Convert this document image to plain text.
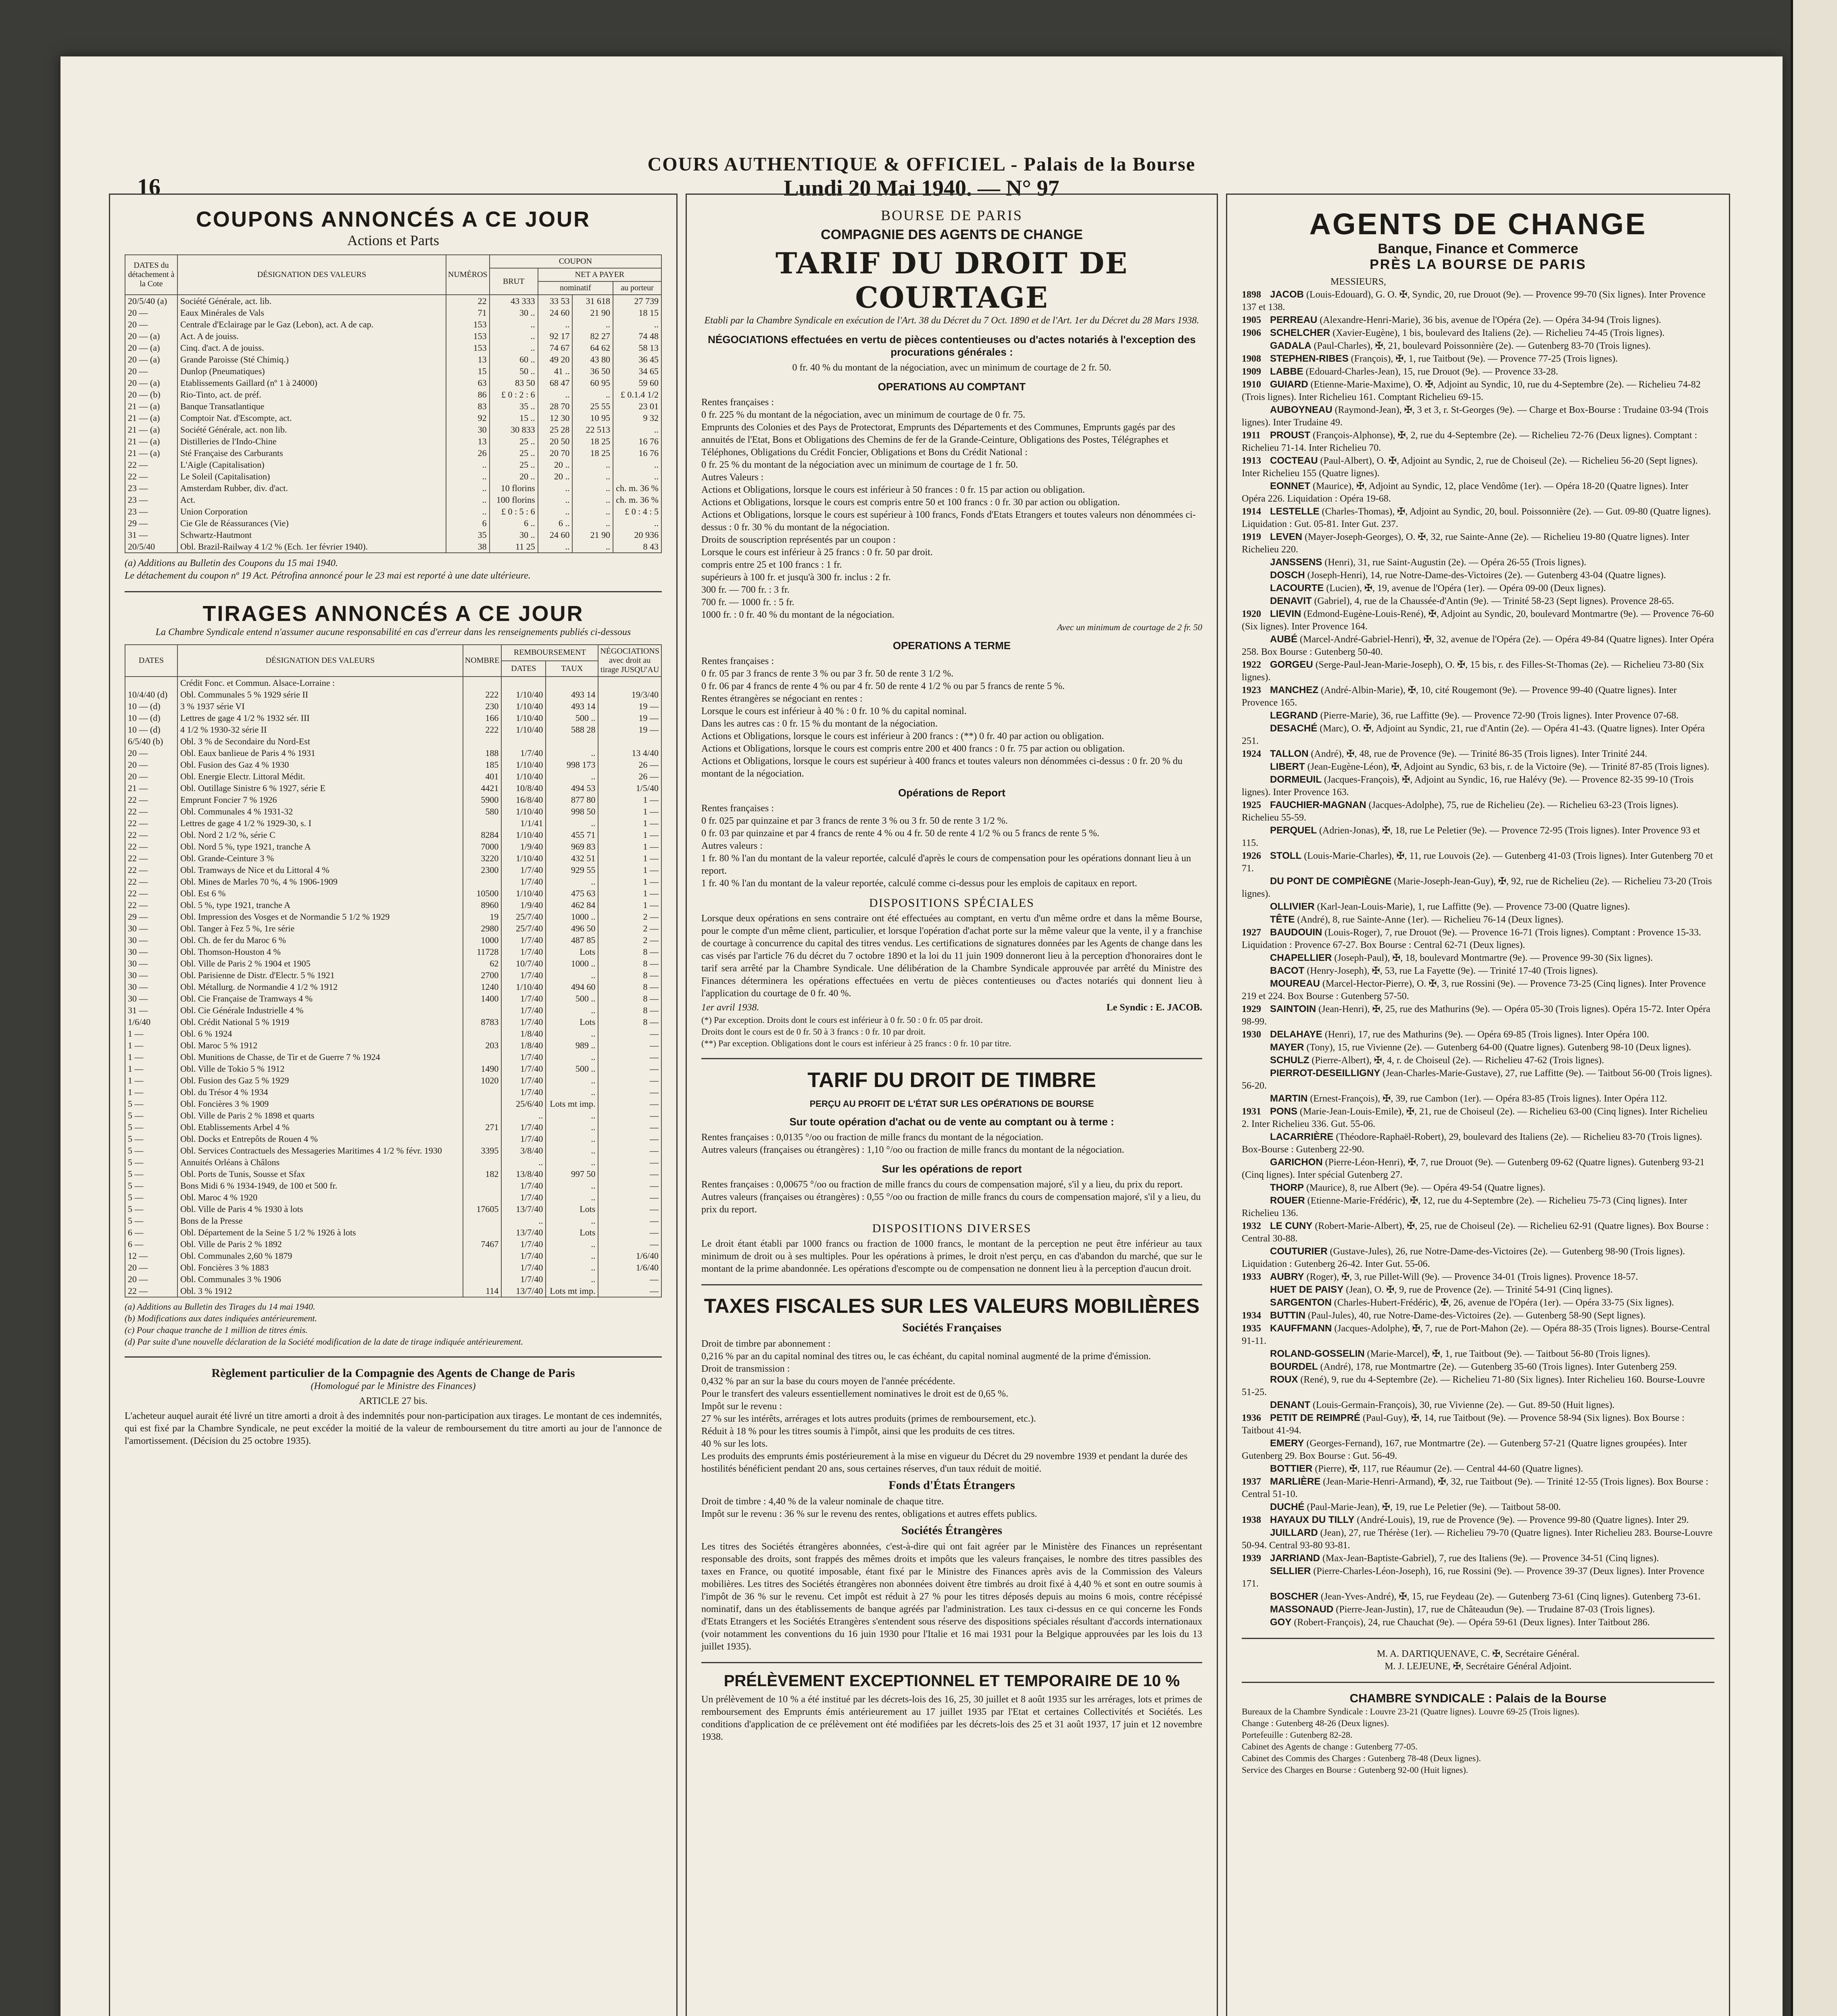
16
COURS AUTHENTIQUE & OFFICIEL - Palais de la Bourse
Lundi 20 Mai 1940. — N° 97
COUPONS ANNONCÉS A CE JOUR
Actions et Parts
DATES du détachement à la Cote	DÉSIGNATION DES VALEURS	NUMÉROS	COUPON			
			BRUT	NET A PAYER		
				nominatif		au porteur
20/5/40 (a)	Société Générale, act. lib.	22	43 333	33 53	31 618	27 739
20 —	Eaux Minérales de Vals	71	30 ..	24 60	21 90	18 15
20 —	Centrale d'Eclairage par le Gaz (Lebon), act. A de cap.	153	..	..	..	..
20 — (a)	Act. A de jouiss.	153	..	92 17	82 27	74 48
20 — (a)	Cinq. d'act. A de jouiss.	153	..	74 67	64 62	58 13
20 — (a)	Grande Paroisse (Sté Chimiq.)	13	60 ..	49 20	43 80	36 45
20 —	Dunlop (Pneumatiques)	15	50 ..	41 ..	36 50	34 65
20 — (a)	Etablissements Gaillard (nº 1 à 24000)	63	83 50	68 47	60 95	59 60
20 — (b)	Rio-Tinto, act. de préf.	86	£ 0 : 2 : 6	..	..	£ 0.1.4 1/2
21 — (a)	Banque Transatlantique	83	35 ..	28 70	25 55	23 01
21 — (a)	Comptoir Nat. d'Escompte, act.	92	15 ..	12 30	10 95	9 32
21 — (a)	Société Générale, act. non lib.	30	30 833	25 28	22 513	..
21 — (a)	Distilleries de l'Indo-Chine	13	25 ..	20 50	18 25	16 76
21 — (a)	Sté Française des Carburants	26	25 ..	20 70	18 25	16 76
22 —	L'Aigle (Capitalisation)	..	25 ..	20 ..	..	..
22 —	Le Soleil (Capitalisation)	..	20 ..	20 ..	..	..
23 —	Amsterdam Rubber, div. d'act.	..	10 florins	..	..	ch. m. 36 %
23 —	Act.	..	100 florins	..	..	ch. m. 36 %
23 —	Union Corporation	..	£ 0 : 5 : 6	..	..	£ 0 : 4 : 5
29 —	Cie Gle de Réassurances (Vie)	6	6 ..	6 ..	..	..
31 —	Schwartz-Hautmont	35	30 ..	24 60	21 90	20 936
20/5/40	Obl. Brazil-Railway 4 1/2 % (Ech. 1er février 1940).	38	11 25	..	..	8 43
(a) Additions au Bulletin des Coupons du 15 mai 1940.
Le détachement du coupon nº 19 Act. Pétrofina annoncé pour le 23 mai est reporté à une date ultérieure.
TIRAGES ANNONCÉS A CE JOUR
La Chambre Syndicale entend n'assumer aucune responsabilité en cas d'erreur dans les renseignements publiés ci-dessous
DATES	DÉSIGNATION DES VALEURS	NOMBRE	REMBOURSEMENT		NÉGOCIATIONS avec droit au tirage JUSQU'AU
			DATES	TAUX	
	Crédit Fonc. et Commun. Alsace-Lorraine :				
10/4/40 (d)	Obl. Communales 5 % 1929 série II	222	1/10/40	493 14	19/3/40
10 — (d)	3 % 1937 série VI	230	1/10/40	493 14	19 —
10 — (d)	Lettres de gage 4 1/2 % 1932 sér. III	166	1/10/40	500 ..	19 —
10 — (d)	4 1/2 % 1930-32 série II	222	1/10/40	588 28	19 —
6/5/40 (b)	Obl. 3 % de Secondaire du Nord-Est				
20 —	Obl. Eaux banlieue de Paris 4 % 1931	188	1/7/40	..	13 4/40
20 —	Obl. Fusion des Gaz 4 % 1930	185	1/10/40	998 173	26 —
20 —	Obl. Energie Electr. Littoral Médit.	401	1/10/40	..	26 —
21 —	Obl. Outillage Sinistre 6 % 1927, série E	4421	10/8/40	494 53	1/5/40
22 —	Emprunt Foncier 7 % 1926	5900	16/8/40	877 80	1 —
22 —	Obl. Communales 4 % 1931-32	580	1/10/40	998 50	1 —
22 —	Lettres de gage 4 1/2 % 1929-30, s. I		1/1/41	..	1 —
22 —	Obl. Nord 2 1/2 %, série C	8284	1/10/40	455 71	1 —
22 —	Obl. Nord 5 %, type 1921, tranche A	7000	1/9/40	969 83	1 —
22 —	Obl. Grande-Ceinture 3 %	3220	1/10/40	432 51	1 —
22 —	Obl. Tramways de Nice et du Littoral 4 %	2300	1/7/40	929 55	1 —
22 —	Obl. Mines de Marles 70 %, 4 % 1906-1909		1/7/40	..	1 —
22 —	Obl. Est 6 %	10500	1/10/40	475 63	1 —
22 —	Obl. 5 %, type 1921, tranche A	8960	1/9/40	462 84	1 —
29 —	Obl. Impression des Vosges et de Normandie 5 1/2 % 1929	19	25/7/40	1000 ..	2 —
30 —	Obl. Tanger à Fez 5 %, 1re série	2980	25/7/40	496 50	2 —
30 —	Obl. Ch. de fer du Maroc 6 %	1000	1/7/40	487 85	2 —
30 —	Obl. Thomson-Houston 4 %	11728	1/7/40	Lots	8 —
30 —	Obl. Ville de Paris 2 % 1904 et 1905	62	10/7/40	1000 ..	8 —
30 —	Obl. Parisienne de Distr. d'Electr. 5 % 1921	2700	1/7/40	..	8 —
30 —	Obl. Métallurg. de Normandie 4 1/2 % 1912	1240	1/10/40	494 60	8 —
30 —	Obl. Cie Française de Tramways 4 %	1400	1/7/40	500 ..	8 —
31 —	Obl. Cie Générale Industrielle 4 %		1/7/40	..	8 —
1/6/40	Obl. Crédit National 5 % 1919	8783	1/7/40	Lots	8 —
1 —	Obl. 6 % 1924		1/8/40	..	—
1 —	Obl. Maroc 5 % 1912	203	1/8/40	989 ..	—
1 —	Obl. Munitions de Chasse, de Tir et de Guerre 7 % 1924		1/7/40	..	—
1 —	Obl. Ville de Tokio 5 % 1912	1490	1/7/40	500 ..	—
1 —	Obl. Fusion des Gaz 5 % 1929	1020	1/7/40	..	—
1 —	Obl. du Trésor 4 % 1934		1/7/40	..	—
5 —	Obl. Foncières 3 % 1909		25/6/40	Lots mt imp.	—
5 —	Obl. Ville de Paris 2 % 1898 et quarts		..	..	—
5 —	Obl. Etablissements Arbel 4 %	271	1/7/40	..	—
5 —	Obl. Docks et Entrepôts de Rouen 4 %		1/7/40	..	—
5 —	Obl. Services Contractuels des Messageries Maritimes 4 1/2 % févr. 1930	3395	3/8/40	..	—
5 —	Annuités Orléans à Châlons		..	..	—
5 —	Obl. Ports de Tunis, Sousse et Sfax	182	13/8/40	997 50	—
5 —	Bons Midi 6 % 1934-1949, de 100 et 500 fr.		1/7/40	..	—
5 —	Obl. Maroc 4 % 1920		1/7/40	..	—
5 —	Obl. Ville de Paris 4 % 1930 à lots	17605	13/7/40	Lots	—
5 —	Bons de la Presse		..	..	—
6 —	Obl. Département de la Seine 5 1/2 % 1926 à lots		13/7/40	Lots	—
6 —	Obl. Ville de Paris 2 % 1892	7467	1/7/40	..	—
12 —	Obl. Communales 2,60 % 1879		1/7/40	..	1/6/40
20 —	Obl. Foncières 3 % 1883		1/7/40	..	1/6/40
20 —	Obl. Communales 3 % 1906		1/7/40	..	—
22 —	Obl. 3 % 1912	114	13/7/40	Lots mt imp.	—
(a) Additions au Bulletin des Tirages du 14 mai 1940.
(b) Modifications aux dates indiquées antérieurement.
(c) Pour chaque tranche de 1 million de titres émis.
(d) Par suite d'une nouvelle déclaration de la Société modification de la date de tirage indiquée antérieurement.
Règlement particulier de la Compagnie des Agents de Change de Paris
(Homologué par le Ministre des Finances)
ARTICLE 27 bis.
L'acheteur auquel aurait été livré un titre amorti a droit à des indemnités pour non-participation aux tirages. Le montant de ces indemnités, qui est fixé par la Chambre Syndicale, ne peut excéder la moitié de la valeur de remboursement du titre amorti au jour de l'annonce de l'amortissement. (Décision du 25 octobre 1935).
BOURSE DE PARIS
COMPAGNIE DES AGENTS DE CHANGE
TARIF DU DROIT DE COURTAGE
Etabli par la Chambre Syndicale en exécution de l'Art. 38 du Décret du 7 Oct. 1890 et de l'Art. 1er du Décret du 28 Mars 1938.
NÉGOCIATIONS effectuées en vertu de pièces contentieuses ou d'actes notariés à l'exception des procurations générales :
0 fr. 40 % du montant de la négociation, avec un minimum de courtage de 2 fr. 50.
OPERATIONS AU COMPTANT
Rentes françaises :
0 fr. 225 % du montant de la négociation, avec un minimum de courtage de 0 fr. 75.
Emprunts des Colonies et des Pays de Protectorat, Emprunts des Départements et des Communes, Emprunts gagés par des annuités de l'Etat, Bons et Obligations des Chemins de fer de la Grande-Ceinture, Obligations des Postes, Télégraphes et Téléphones, Obligations du Crédit Foncier, Obligations et Bons du Crédit National :
0 fr. 25 % du montant de la négociation avec un minimum de courtage de 1 fr. 50.
Autres Valeurs :
Actions et Obligations, lorsque le cours est inférieur à 50 frances : 0 fr. 15 par action ou obligation.
Actions et Obligations, lorsque le cours est compris entre 50 et 100 francs : 0 fr. 30 par action ou obligation.
Actions et Obligations, lorsque le cours est supérieur à 100 francs, Fonds d'Etats Etrangers et toutes valeurs non dénommées ci-dessus : 0 fr. 30 % du montant de la négociation.
Droits de souscription représentés par un coupon :
Lorsque le cours est inférieur à 25 francs : 0 fr. 50 par droit.
compris entre 25 et 100 francs : 1 fr.
supérieurs à 100 fr. et jusqu'à 300 fr. inclus : 2 fr.
300 fr. — 700 fr. : 3 fr.
700 fr. — 1000 fr. : 5 fr.
1000 fr. : 0 fr. 40 % du montant de la négociation.
Avec un minimum de courtage de 2 fr. 50
OPERATIONS A TERME
Rentes françaises :
0 fr. 05 par 3 francs de rente 3 % ou par 3 fr. 50 de rente 3 1/2 %.
0 fr. 06 par 4 francs de rente 4 % ou par 4 fr. 50 de rente 4 1/2 % ou par 5 francs de rente 5 %.
Rentes étrangères se négociant en rentes :
Lorsque le cours est inférieur à 40 % : 0 fr. 10 % du capital nominal.
Dans les autres cas : 0 fr. 15 % du montant de la négociation.
Actions et Obligations, lorsque le cours est inférieur à 200 francs : (**) 0 fr. 40 par action ou obligation.
Actions et Obligations, lorsque le cours est compris entre 200 et 400 francs : 0 fr. 75 par action ou obligation.
Actions et Obligations, lorsque le cours est supérieur à 400 francs et toutes valeurs non dénommées ci-dessus : 0 fr. 20 % du montant de la négociation.
Opérations de Report
Rentes françaises :
0 fr. 025 par quinzaine et par 3 francs de rente 3 % ou 3 fr. 50 de rente 3 1/2 %.
0 fr. 03 par quinzaine et par 4 francs de rente 4 % ou 4 fr. 50 de rente 4 1/2 % ou 5 francs de rente 5 %.
Autres valeurs :
1 fr. 80 % l'an du montant de la valeur reportée, calculé d'après le cours de compensation pour les opérations donnant lieu à un report.
1 fr. 40 % l'an du montant de la valeur reportée, calculé comme ci-dessus pour les emplois de capitaux en report.
DISPOSITIONS SPÉCIALES
Lorsque deux opérations en sens contraire ont été effectuées au comptant, en vertu d'un même ordre et dans la même Bourse, pour le compte d'un même client, particulier, et lorsque l'opération d'achat porte sur la même valeur que la vente, il y a franchise de courtage à concurrence du capital des titres vendus. Les certifications de signatures données par les Agents de change dans les cas visés par l'article 76 du décret du 7 octobre 1890 et la loi du 11 juin 1909 donneront lieu à la perception d'honoraires dont le tarif sera arrêté par la Chambre Syndicale. Une délibération de la Chambre Syndicale approuvée par arrêté du Ministre des Finances déterminera les opérations effectuées en vertu de pièces contentieuses ou d'actes notariés qui donnent lieu à l'application du courtage de 0 fr. 40 %.
1er avril 1938.	Le Syndic : E. JACOB.
(*) Par exception. Droits dont le cours est inférieur à 0 fr. 50 : 0 fr. 05 par droit.
Droits dont le cours est de 0 fr. 50 à 3 francs : 0 fr. 10 par droit.
(**) Par exception. Obligations dont le cours est inférieur à 25 francs : 0 fr. 10 par titre.
TARIF DU DROIT DE TIMBRE
PERÇU AU PROFIT DE L'ÉTAT SUR LES OPÉRATIONS DE BOURSE
Sur toute opération d'achat ou de vente au comptant ou à terme :
Rentes françaises : 0,0135 °/oo ou fraction de mille francs du montant de la négociation.
Autres valeurs (françaises ou étrangères) : 1,10 °/oo ou fraction de mille francs du montant de la négociation.
Sur les opérations de report
Rentes françaises : 0,00675 °/oo ou fraction de mille francs du cours de compensation majoré, s'il y a lieu, du prix du report.
Autres valeurs (françaises ou étrangères) : 0,55 °/oo ou fraction de mille francs du cours de compensation majoré, s'il y a lieu, du prix du report.
DISPOSITIONS DIVERSES
Le droit étant établi par 1000 francs ou fraction de 1000 francs, le montant de la perception ne peut être inférieur au taux minimum de droit ou à ses multiples. Pour les opérations à primes, le droit n'est perçu, en cas d'abandon du marché, que sur le montant de la prime abandonnée. Les opérations d'escompte ou de compensation ne donnent lieu à la perception d'aucun droit.
TAXES FISCALES SUR LES VALEURS MOBILIÈRES
Sociétés Françaises
Droit de timbre par abonnement :
0,216 % par an du capital nominal des titres ou, le cas échéant, du capital nominal augmenté de la prime d'émission.
Droit de transmission :
0,432 % par an sur la base du cours moyen de l'année précédente.
Pour le transfert des valeurs essentiellement nominatives le droit est de 0,65 %.
Impôt sur le revenu :
27 % sur les intérêts, arrérages et lots autres produits (primes de remboursement, etc.).
Réduit à 18 % pour les titres soumis à l'impôt, ainsi que les produits de ces titres.
40 % sur les lots.
Les produits des emprunts émis postérieurement à la mise en vigueur du Décret du 29 novembre 1939 et pendant la durée des hostilités bénéficient pendant 20 ans, sous certaines réserves, d'un taux réduit de moitié.
Fonds d'États Étrangers
Droit de timbre : 4,40 % de la valeur nominale de chaque titre.
Impôt sur le revenu : 36 % sur le revenu des rentes, obligations et autres effets publics.
Sociétés Étrangères
Les titres des Sociétés étrangères abonnées, c'est-à-dire qui ont fait agréer par le Ministère des Finances un représentant responsable des droits, sont frappés des mêmes droits et impôts que les valeurs françaises, le nombre des titres passibles des taxes en France, ou quotité imposable, étant fixé par le Ministre des Finances après avis de la Commission des Valeurs mobilières. Les titres des Sociétés étrangères non abonnées doivent être timbrés au droit fixé à 4,40 % et sont en outre soumis à l'impôt de 36 % sur le revenu. Cet impôt est réduit à 27 % pour les titres déposés depuis au moins 6 mois, contre récépissé nominatif, dans un des établissements de banque agréés par l'administration. Les taux ci-dessus en ce qui concerne les Fonds d'Etats Etrangers et les Sociétés Etrangères s'entendent sous réserve des dispositions spéciales résultant d'accords internationaux (voir notamment les conventions du 16 juin 1930 pour l'Italie et 16 mai 1931 pour la Belgique approuvées par les lois du 13 juillet 1935).
PRÉLÈVEMENT EXCEPTIONNEL ET TEMPORAIRE DE 10 %
Un prélèvement de 10 % a été institué par les décrets-lois des 16, 25, 30 juillet et 8 août 1935 sur les arrérages, lots et primes de remboursement des Emprunts émis antérieurement au 17 juillet 1935 par l'Etat et certaines Collectivités et Sociétés. Les conditions d'application de ce prélèvement ont été modifiées par les décrets-lois des 25 et 31 août 1937, 17 juin et 12 novembre 1938.
AGENTS DE CHANGE
Banque, Finance et Commerce
PRÈS LA BOURSE DE PARIS
MESSIEURS,
1898 JACOB (Louis-Edouard), G. O. ✠, Syndic, 20, rue Drouot (9e). — Provence 99-70 (Six lignes). Inter Provence 137 et 138.
1905 PERREAU (Alexandre-Henri-Marie), 36 bis, avenue de l'Opéra (2e). — Opéra 34-94 (Trois lignes).
1906 SCHELCHER (Xavier-Eugène), 1 bis, boulevard des Italiens (2e). — Richelieu 74-45 (Trois lignes).
GADALA (Paul-Charles), ✠, 21, boulevard Poissonnière (2e). — Gutenberg 83-70 (Trois lignes).
1908 STEPHEN-RIBES (François), ✠, 1, rue Taitbout (9e). — Provence 77-25 (Trois lignes).
1909 LABBE (Edouard-Charles-Jean), 15, rue Drouot (9e). — Provence 33-28.
1910 GUIARD (Etienne-Marie-Maxime), O. ✠, Adjoint au Syndic, 10, rue du 4-Septembre (2e). — Richelieu 74-82 (Trois lignes). Inter Richelieu 161. Comptant Richelieu 69-15.
AUBOYNEAU (Raymond-Jean), ✠, 3 et 3, r. St-Georges (9e). — Charge et Box-Bourse : Trudaine 03-94 (Trois lignes). Inter Trudaine 49.
1911 PROUST (François-Alphonse), ✠, 2, rue du 4-Septembre (2e). — Richelieu 72-76 (Deux lignes). Comptant : Richelieu 71-14. Inter Richelieu 70.
1913 COCTEAU (Paul-Albert), O. ✠, Adjoint au Syndic, 2, rue de Choiseul (2e). — Richelieu 56-20 (Sept lignes). Inter Richelieu 155 (Quatre lignes).
EONNET (Maurice), ✠, Adjoint au Syndic, 12, place Vendôme (1er). — Opéra 18-20 (Quatre lignes). Inter Opéra 226. Liquidation : Opéra 19-68.
1914 LESTELLE (Charles-Thomas), ✠, Adjoint au Syndic, 20, boul. Poissonnière (2e). — Gut. 09-80 (Quatre lignes). Liquidation : Gut. 05-81. Inter Gut. 237.
1919 LEVEN (Mayer-Joseph-Georges), O. ✠, 32, rue Sainte-Anne (2e). — Richelieu 19-80 (Quatre lignes). Inter Richelieu 220.
JANSSENS (Henri), 31, rue Saint-Augustin (2e). — Opéra 26-55 (Trois lignes).
DOSCH (Joseph-Henri), 14, rue Notre-Dame-des-Victoires (2e). — Gutenberg 43-04 (Quatre lignes).
LACOURTE (Lucien), ✠, 19, avenue de l'Opéra (1er). — Opéra 09-00 (Deux lignes).
DENAVIT (Gabriel), 4, rue de la Chaussée-d'Antin (9e). — Trinité 58-23 (Sept lignes). Provence 28-65.
1920 LIEVIN (Edmond-Eugène-Louis-René), ✠, Adjoint au Syndic, 20, boulevard Montmartre (9e). — Provence 76-60 (Six lignes). Inter Provence 164.
AUBÉ (Marcel-André-Gabriel-Henri), ✠, 32, avenue de l'Opéra (2e). — Opéra 49-84 (Quatre lignes). Inter Opéra 258. Box Bourse : Gutenberg 50-40.
1922 GORGEU (Serge-Paul-Jean-Marie-Joseph), O. ✠, 15 bis, r. des Filles-St-Thomas (2e). — Richelieu 73-80 (Six lignes).
1923 MANCHEZ (André-Albin-Marie), ✠, 10, cité Rougemont (9e). — Provence 99-40 (Quatre lignes). Inter Provence 165.
LEGRAND (Pierre-Marie), 36, rue Laffitte (9e). — Provence 72-90 (Trois lignes). Inter Provence 07-68.
DESACHÉ (Marc), O. ✠, Adjoint au Syndic, 21, rue d'Antin (2e). — Opéra 41-43. (Quatre lignes). Inter Opéra 251.
1924 TALLON (André), ✠, 48, rue de Provence (9e). — Trinité 86-35 (Trois lignes). Inter Trinité 244.
LIBERT (Jean-Eugène-Léon), ✠, Adjoint au Syndic, 63 bis, r. de la Victoire (9e). — Trinité 87-85 (Trois lignes).
DORMEUIL (Jacques-François), ✠, Adjoint au Syndic, 16, rue Halévy (9e). — Provence 82-35 99-10 (Trois lignes). Inter Provence 163.
1925 FAUCHIER-MAGNAN (Jacques-Adolphe), 75, rue de Richelieu (2e). — Richelieu 63-23 (Trois lignes). Richelieu 55-59.
PERQUEL (Adrien-Jonas), ✠, 18, rue Le Peletier (9e). — Provence 72-95 (Trois lignes). Inter Provence 93 et 115.
1926 STOLL (Louis-Marie-Charles), ✠, 11, rue Louvois (2e). — Gutenberg 41-03 (Trois lignes). Inter Gutenberg 70 et 71.
DU PONT DE COMPIÈGNE (Marie-Joseph-Jean-Guy), ✠, 92, rue de Richelieu (2e). — Richelieu 73-20 (Trois lignes).
OLLIVIER (Karl-Jean-Louis-Marie), 1, rue Laffitte (9e). — Provence 73-00 (Quatre lignes).
TÊTE (André), 8, rue Sainte-Anne (1er). — Richelieu 76-14 (Deux lignes).
1927 BAUDOUIN (Louis-Roger), 7, rue Drouot (9e). — Provence 16-71 (Trois lignes). Comptant : Provence 15-33. Liquidation : Provence 67-27. Box Bourse : Central 62-71 (Deux lignes).
CHAPELLIER (Joseph-Paul), ✠, 18, boulevard Montmartre (9e). — Provence 99-30 (Six lignes).
BACOT (Henry-Joseph), ✠, 53, rue La Fayette (9e). — Trinité 17-40 (Trois lignes).
MOUREAU (Marcel-Hector-Pierre), O. ✠, 3, rue Rossini (9e). — Provence 73-25 (Cinq lignes). Inter Provence 219 et 224. Box Bourse : Gutenberg 57-50.
1929 SAINTOIN (Jean-Henri), ✠, 25, rue des Mathurins (9e). — Opéra 05-30 (Trois lignes). Opéra 15-72. Inter Opéra 98-99.
1930 DELAHAYE (Henri), 17, rue des Mathurins (9e). — Opéra 69-85 (Trois lignes). Inter Opéra 100.
MAYER (Tony), 15, rue Vivienne (2e). — Gutenberg 64-00 (Quatre lignes). Gutenberg 98-10 (Deux lignes).
SCHULZ (Pierre-Albert), ✠, 4, r. de Choiseul (2e). — Richelieu 47-62 (Trois lignes).
PIERROT-DESEILLIGNY (Jean-Charles-Marie-Gustave), 27, rue Laffitte (9e). — Taitbout 56-00 (Trois lignes). 56-20.
MARTIN (Ernest-François), ✠, 39, rue Cambon (1er). — Opéra 83-85 (Trois lignes). Inter Opéra 112.
1931 PONS (Marie-Jean-Louis-Emile), ✠, 21, rue de Choiseul (2e). — Richelieu 63-00 (Cinq lignes). Inter Richelieu 2. Inter Richelieu 336. Gut. 55-06.
LACARRIÈRE (Théodore-Raphaël-Robert), 29, boulevard des Italiens (2e). — Richelieu 83-70 (Trois lignes). Box-Bourse : Gutenberg 22-90.
GARICHON (Pierre-Léon-Henri), ✠, 7, rue Drouot (9e). — Gutenberg 09-62 (Quatre lignes). Gutenberg 93-21 (Cinq lignes). Inter spécial Gutenberg 27.
THORP (Maurice), 8, rue Albert (9e). — Opéra 49-54 (Quatre lignes).
ROUER (Etienne-Marie-Frédéric), ✠, 12, rue du 4-Septembre (2e). — Richelieu 75-73 (Cinq lignes). Inter Richelieu 136.
1932 LE CUNY (Robert-Marie-Albert), ✠, 25, rue de Choiseul (2e). — Richelieu 62-91 (Quatre lignes). Box Bourse : Central 30-88.
COUTURIER (Gustave-Jules), 26, rue Notre-Dame-des-Victoires (2e). — Gutenberg 98-90 (Trois lignes). Liquidation : Gutenberg 26-42. Inter Gut. 55-06.
1933 AUBRY (Roger), ✠, 3, rue Pillet-Will (9e). — Provence 34-01 (Trois lignes). Provence 18-57.
HUET DE PAISY (Jean), O. ✠, 9, rue de Provence (2e). — Trinité 54-91 (Cinq lignes).
SARGENTON (Charles-Hubert-Frédéric), ✠, 26, avenue de l'Opéra (1er). — Opéra 33-75 (Six lignes).
1934 BUTTIN (Paul-Jules), 40, rue Notre-Dame-des-Victoires (2e). — Gutenberg 58-90 (Sept lignes).
1935 KAUFFMANN (Jacques-Adolphe), ✠, 7, rue de Port-Mahon (2e). — Opéra 88-35 (Trois lignes). Bourse-Central 91-11.
ROLAND-GOSSELIN (Marie-Marcel), ✠, 1, rue Taitbout (9e). — Taitbout 56-80 (Trois lignes).
BOURDEL (André), 178, rue Montmartre (2e). — Gutenberg 35-60 (Trois lignes). Inter Gutenberg 259.
ROUX (René), 9, rue du 4-Septembre (2e). — Richelieu 71-80 (Six lignes). Inter Richelieu 160. Bourse-Louvre 51-25.
DENANT (Louis-Germain-François), 30, rue Vivienne (2e). — Gut. 89-50 (Huit lignes).
1936 PETIT DE REIMPRÉ (Paul-Guy), ✠, 14, rue Taitbout (9e). — Provence 58-94 (Six lignes). Box Bourse : Taitbout 41-94.
EMERY (Georges-Fernand), 167, rue Montmartre (2e). — Gutenberg 57-21 (Quatre lignes groupées). Inter Gutenberg 29. Box Bourse : Gut. 56-49.
BOTTIER (Pierre), ✠, 117, rue Réaumur (2e). — Central 44-60 (Quatre lignes).
1937 MARLIÈRE (Jean-Marie-Henri-Armand), ✠, 32, rue Taitbout (9e). — Trinité 12-55 (Trois lignes). Box Bourse : Central 51-10.
DUCHÉ (Paul-Marie-Jean), ✠, 19, rue Le Peletier (9e). — Taitbout 58-00.
1938 HAYAUX DU TILLY (André-Louis), 19, rue de Provence (9e). — Provence 99-80 (Quatre lignes). Inter 29.
JUILLARD (Jean), 27, rue Thérèse (1er). — Richelieu 79-70 (Quatre lignes). Inter Richelieu 283. Bourse-Louvre 50-94. Central 93-80 93-81.
1939 JARRIAND (Max-Jean-Baptiste-Gabriel), 7, rue des Italiens (9e). — Provence 34-51 (Cinq lignes).
SELLIER (Pierre-Charles-Léon-Joseph), 16, rue Rossini (9e). — Provence 39-37 (Deux lignes). Inter Provence 171.
BOSCHER (Jean-Yves-André), ✠, 15, rue Feydeau (2e). — Gutenberg 73-61 (Cinq lignes). Gutenberg 73-61.
MASSONAUD (Pierre-Jean-Justin), 17, rue de Châteaudun (9e). — Trudaine 87-03 (Trois lignes).
GOY (Robert-François), 24, rue Chauchat (9e). — Opéra 59-61 (Deux lignes). Inter Taitbout 286.
M. A. DARTIQUENAVE, C. ✠, Secrétaire Général.
M. J. LEJEUNE, ✠, Secrétaire Général Adjoint.
CHAMBRE SYNDICALE : Palais de la Bourse
Bureaux de la Chambre Syndicale : Louvre 23-21 (Quatre lignes). Louvre 69-25 (Trois lignes).
Change : Gutenberg 48-26 (Deux lignes).
Portefeuille : Gutenberg 82-28.
Cabinet des Agents de change : Gutenberg 77-05.
Cabinet des Commis des Charges : Gutenberg 78-48 (Deux lignes).
Service des Charges en Bourse : Gutenberg 92-00 (Huit lignes).
